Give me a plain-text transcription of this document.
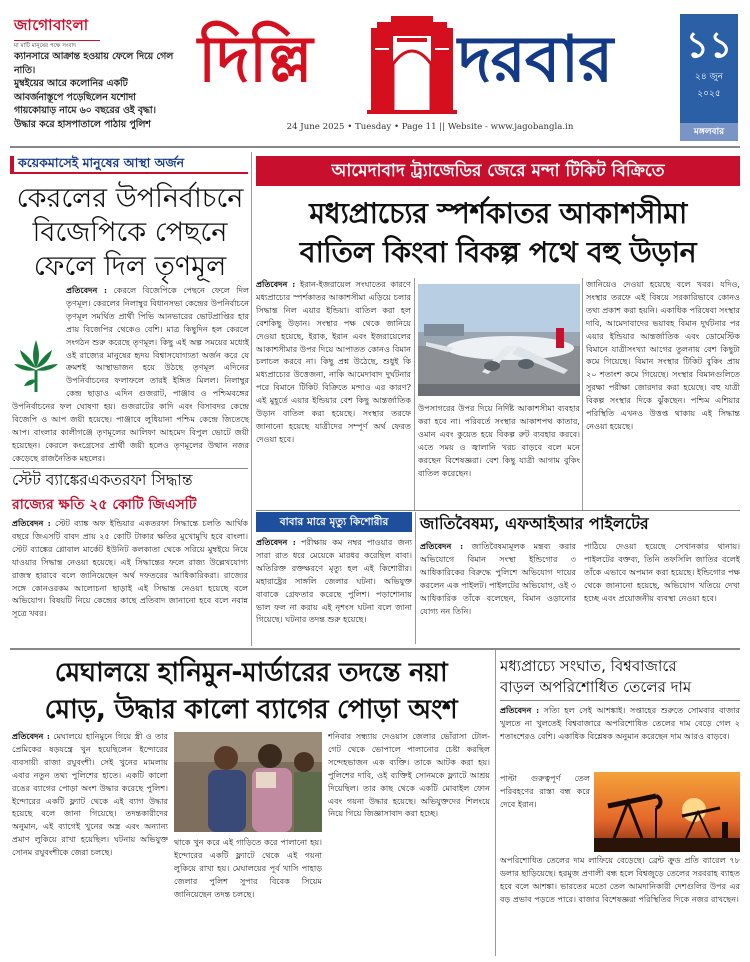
জাগোবাংলা
মা মাটি মানুষের পক্ষে সংবাদ
ক্যানসারে আক্রান্ত হওয়ায় ফেলে দিয়ে গেল নাতি।
মুম্বইয়ের আরে কলোনির একটি
আবর্জনাস্তূপে পড়েছিলেন যশোদা
গায়কোয়াড় নামে ৬০ বছরের ওই বৃদ্ধা।
উদ্ধার করে হাসপাতালে পাঠায় পুলিশ
দিল্লি দরবার
24 June 2025 • Tuesday • Page 11 || Website - www.jagobangla.in
১১
২৪ জুন
২০২৫
মঙ্গলবার
কয়েকমাসেই মানুষের আস্থা অর্জন
কেরলের উপনির্বাচনে
বিজেপিকে পেছনে
ফেলে দিল তৃণমূল
প্রতিবেদন : কেরলে বিজেপিকে পেছনে ফেলে দিল তৃণমূল। কেরলের নিলাম্বুর বিধানসভা কেন্দ্রের উপনির্বাচনে তৃণমূল সমর্থিত প্রার্থী পিভি আনভারের ভোটপ্রাপ্তির হার প্রায় বিজেপির থেকেও বেশি। মাত্র কিছুদিন হল কেরলে সংগঠন শুরু করেছে তৃণমূল। কিছু এই অল্প সময়ের মধ্যেই ওই রাজ্যের মানুষের হৃদয় বিশ্বাসযোগ্যতা অর্জন করে যে ক্রমশই আস্থাভাজন হয়ে উঠছে তৃণমূল এদিনের উপনির্বাচনের ফলাফলে তারই ইঙ্গিত মিলল। নিলাম্বুর কেন্দ্র ছাড়াও এদিন গুজরাট, পাঞ্জাব ও পশ্চিমবঙ্গের উপনির্বাচনের ফল ঘোষণা হয়। গুজরাটের কাদি এবং বিসাবদর কেন্দ্রে বিজেপি ও আপ জয়ী হয়েছে। পাঞ্জাবে লুধিয়ানা পশ্চিম কেন্দ্রে জিতেছে আপ। বাংলার কালীগঞ্জে তৃণমূলের আলিফা আহমেদ বিপুল ভোটে জয়ী হয়েছেন। কেরলে কংগ্রেসের প্রার্থী জয়ী হলেও তৃণমূলের উত্থান নজর কেড়েছে রাজনৈতিক মহলের।
স্টেট ব্যাঙ্কেরএকতরফা সিদ্ধান্ত
রাজ্যের ক্ষতি ২৫ কোটি জিএসটি
প্রতিবেদন : স্টেট ব্যাঙ্ক অফ ইন্ডিয়ার একতরফা সিদ্ধান্তে চলতি আর্থিক বছরে জিএসটি বাবদ প্রায় ২৫ কোটি টাকার ক্ষতির মুখোমুখি হবে বাংলা। স্টেট ব্যাঙ্কের গ্লোবাল মার্কেট ইউনিট কলকাতা থেকে সরিয়ে মুম্বইয়ে নিয়ে যাওয়ার সিদ্ধান্ত নেওয়া হয়েছে। এই সিদ্ধান্তের ফলে রাজ্য উল্লেখযোগ্য রাজস্ব হারাবে বলে জানিয়েছেন অর্থ দফতরের আধিকারিকরা। রাজ্যের সঙ্গে কোনওরকম আলোচনা ছাড়াই এই সিদ্ধান্ত নেওয়া হয়েছে বলে অভিযোগ। বিষয়টি নিয়ে কেন্দ্রের কাছে প্রতিবাদ জানানো হবে বলে নবান্ন সূত্রে খবর।
আমেদাবাদ ট্র্যাজেডির জেরে মন্দা টিকিট বিক্রিতে
মধ্যপ্রাচ্যের স্পর্শকাতর আকাশসীমা
বাতিল কিংবা বিকল্প পথে বহু উড়ান
প্রতিবেদন : ইরান-ইজরায়েল সংঘাতের কারণে মধ্যপ্রাচ্যের স্পর্শকাতর আকাশসীমা এড়িয়ে চলার সিদ্ধান্ত নিল এয়ার ইন্ডিয়া। বাতিল করা হল বেশকিছু উড়ান। সংস্থার পক্ষ থেকে জানিয়ে দেওয়া হয়েছে, ইরাক, ইরান এবং ইজরায়েলের আকাশসীমার উপর দিয়ে আপাতত কোনও বিমান চলাচল করবে না। কিছু প্রশ্ন উঠেছে, শুধুই কি মধ্যপ্রাচ্যের উত্তেজনা, নাকি আমেদাবাদ দুর্ঘটনার পরে বিমানে টিকিট বিক্রিতে মন্দাও এর কারণ? এই মুহূর্তে এয়ার ইন্ডিয়ার বেশ কিছু আন্তর্জাতিক উড়ান বাতিল করা হয়েছে। সংস্থার তরফে জানানো হয়েছে যাত্রীদের সম্পূর্ণ অর্থ ফেরত দেওয়া হবে।
উপসাগরের উপর দিয়ে নির্দিষ্ট আকাশসীমা ব্যবহার করা হবে না। পরিবর্তে সংস্থার আকাশপথ কাতার, ওমান এবং কুয়েত হয়ে বিকল্প রুট ব্যবহার করবে। এতে সময় ও জ্বালানি খরচ বাড়বে বলে মনে করছেন বিশেষজ্ঞরা। বেশ কিছু যাত্রী আগাম বুকিং বাতিল করেছেন।
জানিয়েও দেওয়া হয়েছে বলে খবর। যদিও, সংস্থার তরফে এই বিষয়ে সরকারিভাবে কোনও তথ্য প্রকাশ করা হয়নি। একাধিক পরিষেবা সংস্থার দাবি, আমেদাবাদের ভয়াবহ বিমান দুর্ঘটনার পর এয়ার ইন্ডিয়ার আন্তর্জাতিক এবং ডোমেস্টিক বিমানে যাত্রীসংখ্যা আগের তুলনায় বেশ কিছুটা কমে গিয়েছে। বিমান সংস্থার টিকিট বুকিং প্রায় ২০ শতাংশ কমে গিয়েছে। সংস্থার বিমানগুলিতে সুরক্ষা পরীক্ষা জোরদার করা হয়েছে। বহু যাত্রী বিকল্প সংস্থার দিকে ঝুঁকছেন। পশ্চিম এশিয়ার পরিস্থিতি এখনও উত্তপ্ত থাকায় এই সিদ্ধান্ত নেওয়া হয়েছে।
বাবার মারে মৃত্যু কিশোরীর
প্রতিবেদন : পরীক্ষায় কম নম্বর পাওয়ার জন্য সারা রাত ধরে মেয়েকে মারধর করেছিল বাবা। অতিরিক্ত রক্তক্ষরণে মৃত্যু হল এই কিশোরীর। মহারাষ্ট্রের সাঙ্গলি জেলার ঘটনা। অভিযুক্ত বাবাকে গ্রেফতার করেছে পুলিশ। পড়াশোনায় ভাল ফল না করায় এই নৃশংস ঘটনা বলে জানা গিয়েছে। ঘটনার তদন্ত শুরু হয়েছে।
জাতিবৈষম্য, এফআইআর পাইলটের
প্রতিবেদন : জাতিবৈষম্যমূলক মন্তব্য করার অভিযোগে বিমান সংস্থা ইন্ডিগোর ৩ আধিকারিকের বিরুদ্ধে পুলিশে অভিযোগ দায়ের করলেন এক পাইলট। পাইলটের অভিযোগ, ওই ৩ আধিকারিক তাঁকে বলেছেন, বিমান ওড়ানোর যোগ্য নন তিনি।
পাঠিয়ে দেওয়া হয়েছে সেখানকার থানায়। পাইলটের বক্তব্য, তিনি তফসিলি জাতির বলেই তাঁকে এভাবে অপমান করা হয়েছে। ইন্ডিগোর পক্ষ থেকে জানানো হয়েছে, অভিযোগ খতিয়ে দেখা হচ্ছে এবং প্রয়োজনীয় ব্যবস্থা নেওয়া হবে।
মেঘালয়ে হানিমুন-মার্ডারের তদন্তে নয়া
মোড়, উদ্ধার কালো ব্যাগের পোড়া অংশ
প্রতিবেদন : মেঘালয়ে হানিমুনে গিয়ে স্ত্রী ও তার প্রেমিকের ষড়যন্ত্রে খুন হয়েছিলেন ইন্দোরের ব্যবসায়ী রাজা রঘুবংশী। সেই খুনের মামলায় এবার নতুন তথ্য পুলিশের হাতে। একটি কালো রঙের ব্যাগের পোড়া অংশ উদ্ধার করেছে পুলিশ। ইন্দোরের একটি ফ্ল্যাট থেকে এই ব্যাগ উদ্ধার হয়েছে বলে জানা গিয়েছে। তদন্তকারীদের অনুমান, এই ব্যাগেই খুনের অস্ত্র এবং অন্যান্য প্রমাণ লুকিয়ে রাখা হয়েছিল। ঘটনায় অভিযুক্ত সোনম রঘুবংশীকে জেরা চলছে।
থাকে খুন করে এই গাড়িতে করে পালানো হয়। ইন্দোরের একটি ফ্ল্যাটে থেকে এই গয়না লুকিয়ে রাখা হয়। মেঘালয়ের পূর্ব খাসি পাহাড় জেলার পুলিশ সুপার বিবেক সিয়েম জানিয়েছেন তদন্ত চলছে।
শনিবার সন্ধ্যায় দেওয়াস জেলার ভোঁরাসা টোল-গেট থেকে ভোপালে পালানোর চেষ্টা করছিল সন্দেহভাজন এক ব্যক্তি। তাকে আটক করা হয়। পুলিশের দাবি, ওই ব্যক্তিই সোনমকে ফ্ল্যাটে আশ্রয় দিয়েছিল। তার কাছ থেকে একটি মোবাইল ফোন এবং গয়না উদ্ধার হয়েছে। অভিযুক্তদের শিলংয়ে নিয়ে গিয়ে জিজ্ঞাসাবাদ করা হচ্ছে।
মধ্যপ্রাচ্যে সংঘাত, বিশ্ববাজারে
বাড়ল অপরিশোধিত তেলের দাম
প্রতিবেদন : সত্যি হল সেই আশঙ্কাই। সপ্তাহের শুরুতে সোমবার বাজার খুলতে না খুলতেই বিশ্ববাজারে অপরিশোধিত তেলের দাম বেড়ে গেল ২ শতাংশেরও বেশি। একাধিক বিশ্লেষক অনুমান করেছেন দাম আরও বাড়বে।
পাল্টা গুরুত্বপূর্ণ তেল পরিবহণের রাস্তা বন্ধ করে দেবে ইরান।
অপরিশোধিত তেলের দাম লাফিয়ে বেড়েছে। ব্রেন্ট ক্রুড প্রতি ব্যারেল ৭৮ ডলার ছাড়িয়েছে। হরমুজ প্রণালী বন্ধ হলে বিশ্বজুড়ে তেলের সরবরাহ ব্যাহত হবে বলে আশঙ্কা। ভারতের মতো তেল আমদানিকারী দেশগুলির উপর এর বড় প্রভাব পড়তে পারে। বাজার বিশেষজ্ঞরা পরিস্থিতির দিকে নজর রাখছেন।
